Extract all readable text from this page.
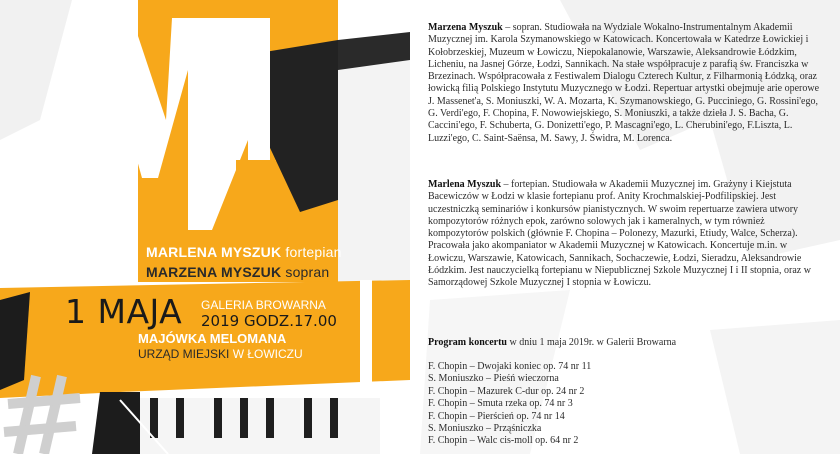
MARLENA MYSZUK fortepian
MARZENA MYSZUK sopran
1 MAJA GALERIA BROWARNA
2019 GODZ.17.00
MAJÓWKA MELOMANA
URZĄD MIEJSKI W ŁOWICZU

Marzena Myszuk – sopran. Studiowała na Wydziale Wokalno-Instrumentalnym Akademii Muzycznej im. Karola Szymanowskiego w Katowicach. Koncertowała w Katedrze Łowickiej i Kołobrzeskiej, Muzeum w Łowiczu, Niepokalanowie, Warszawie, Aleksandrowie Łódzkim, Licheniu, na Jasnej Górze, Łodzi, Sannikach. Na stałe współpracuje z parafią św. Franciszka w Brzezinach. Współpracowała z Festiwalem Dialogu Czterech Kultur, z Filharmonią Łódzką, oraz łowicką filią Polskiego Instytutu Muzycznego w Łodzi. Repertuar artystki obejmuje arie operowe J. Massenet'a, S. Moniuszki, W. A. Mozarta, K. Szymanowskiego, G. Pucciniego, G. Rossini'ego, G. Verdi'ego, F. Chopina, F. Nowowiejskiego, S. Moniuszki, a także dzieła J. S. Bacha, G. Caccini'ego, F. Schuberta, G. Donizetti'ego, P. Mascagni'ego, L. Cherubini'ego, F.Liszta, L. Luzzi'ego, C. Saint-Saënsa, M. Sawy, J. Świdra, M. Lorenca.

Marlena Myszuk – fortepian. Studiowała w Akademii Muzycznej im. Grażyny i Kiejstuta Bacewiczów w Łodzi w klasie fortepianu prof. Anity Krochmalskiej-Podfilipskiej. Jest uczestniczką seminariów i konkursów pianistycznych. W swoim repertuarze zawiera utwory kompozytorów różnych epok, zarówno solowych jak i kameralnych, w tym również kompozytorów polskich (głównie F. Chopina – Polonezy, Mazurki, Etiudy, Walce, Scherza). Pracowała jako akompaniator w Akademii Muzycznej w Katowicach. Koncertuje m.in. w Łowiczu, Warszawie, Katowicach, Sannikach, Sochaczewie, Łodzi, Sieradzu, Aleksandrowie Łódzkim. Jest nauczycielką fortepianu w Niepublicznej Szkole Muzycznej I i II stopnia, oraz w Samorządowej Szkole Muzycznej I stopnia w Łowiczu.

Program koncertu w dniu 1 maja 2019r. w Galerii Browarna
F. Chopin – Dwojaki koniec op. 74 nr 11
S. Moniuszko – Pieśń wieczorna
F. Chopin – Mazurek C-dur op. 24 nr 2
F. Chopin – Smuta rzeka op. 74 nr 3
F. Chopin – Pierścień op. 74 nr 14
S. Moniuszko – Prząśniczka
F. Chopin – Walc cis-moll op. 64 nr 2
